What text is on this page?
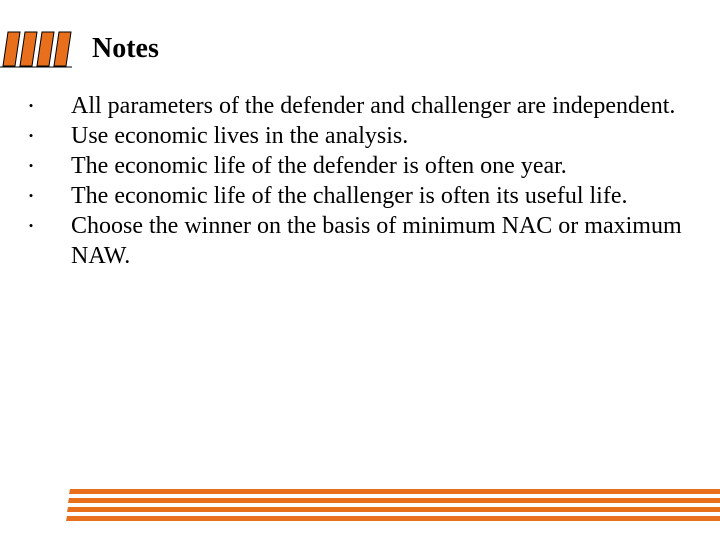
Notes
• All parameters of the defender and challenger are independent.
• Use economic lives in the analysis.
• The economic life of the defender is often one year.
• The economic life of the challenger is often its useful life.
• Choose the winner on the basis of minimum NAC or maximum NAW.
